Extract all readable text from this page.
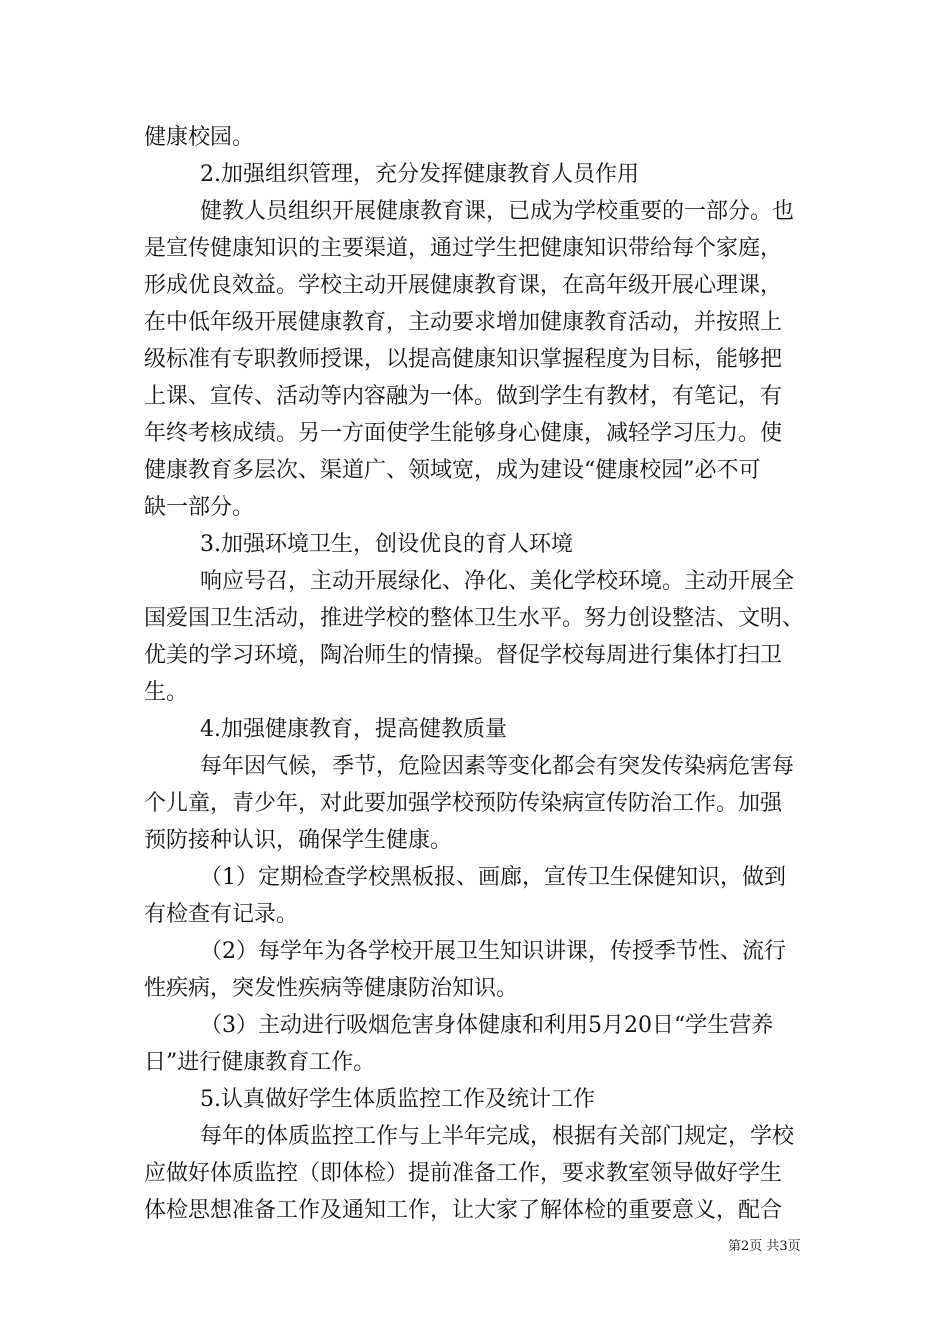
健康校园。
2.加强组织管理，充分发挥健康教育人员作用
健教人员组织开展健康教育课，已成为学校重要的一部分。也
是宣传健康知识的主要渠道，通过学生把健康知识带给每个家庭，
形成优良效益。学校主动开展健康教育课，在高年级开展心理课，
在中低年级开展健康教育，主动要求增加健康教育活动，并按照上
级标准有专职教师授课，以提高健康知识掌握程度为目标，能够把
上课、宣传、活动等内容融为一体。做到学生有教材，有笔记，有
年终考核成绩。另一方面使学生能够身心健康，减轻学习压力。使
健康教育多层次、渠道广、领域宽，成为建设“健康校园”必不可
缺一部分。
3.加强环境卫生，创设优良的育人环境
响应号召，主动开展绿化、净化、美化学校环境。主动开展全
国爱国卫生活动，推进学校的整体卫生水平。努力创设整洁、文明、
优美的学习环境，陶冶师生的情操。督促学校每周进行集体打扫卫
生。
4.加强健康教育，提高健教质量
每年因气候，季节，危险因素等变化都会有突发传染病危害每
个儿童，青少年，对此要加强学校预防传染病宣传防治工作。加强
预防接种认识，确保学生健康。
（1）定期检查学校黑板报、画廊，宣传卫生保健知识，做到
有检查有记录。
（2）每学年为各学校开展卫生知识讲课，传授季节性、流行
性疾病，突发性疾病等健康防治知识。
（3）主动进行吸烟危害身体健康和利用5月20日“学生营养
日”进行健康教育工作。
5.认真做好学生体质监控工作及统计工作
每年的体质监控工作与上半年完成，根据有关部门规定，学校
应做好体质监控（即体检）提前准备工作，要求教室领导做好学生
体检思想准备工作及通知工作，让大家了解体检的重要意义，配合
第2页 共3页
